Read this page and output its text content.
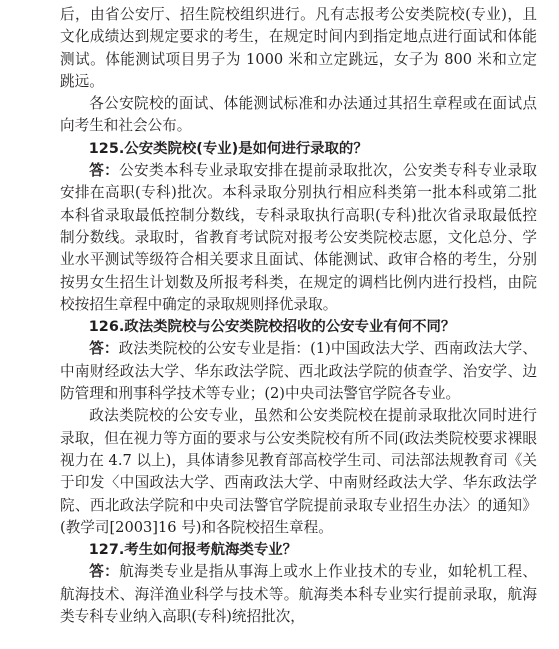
后，由省公安厅、招生院校组织进行。凡有志报考公安类院校(专业)，且文化成绩达到规定要求的考生，在规定时间内到指定地点进行面试和体能测试。体能测试项目男子为 1000 米和立定跳远，女子为 800 米和立定跳远。

各公安院校的面试、体能测试标准和办法通过其招生章程或在面试点向考生和社会公布。

125.公安类院校(专业)是如何进行录取的？

答：公安类本科专业录取安排在提前录取批次，公安类专科专业录取安排在高职(专科)批次。本科录取分别执行相应科类第一批本科或第二批本科省录取最低控制分数线，专科录取执行高职(专科)批次省录取最低控制分数线。录取时，省教育考试院对报考公安类院校志愿，文化总分、学业水平测试等级符合相关要求且面试、体能测试、政审合格的考生，分别按男女生招生计划数及所报考科类，在规定的调档比例内进行投档，由院校按招生章程中确定的录取规则择优录取。

126.政法类院校与公安类院校招收的公安专业有何不同？

答：政法类院校的公安专业是指：(1)中国政法大学、西南政法大学、中南财经政法大学、华东政法学院、西北政法学院的侦查学、治安学、边防管理和刑事科学技术等专业；(2)中央司法警官学院各专业。

政法类院校的公安专业，虽然和公安类院校在提前录取批次同时进行录取，但在视力等方面的要求与公安类院校有所不同(政法类院校要求裸眼视力在 4.7 以上)，具体请参见教育部高校学生司、司法部法规教育司《关于印发〈中国政法大学、西南政法大学、中南财经政法大学、华东政法学院、西北政法学院和中央司法警官学院提前录取专业招生办法〉的通知》(教学司[2003]16 号)和各院校招生章程。

127.考生如何报考航海类专业？

答：航海类专业是指从事海上或水上作业技术的专业，如轮机工程、航海技术、海洋渔业科学与技术等。航海类本科专业实行提前录取，航海类专科专业纳入高职(专科)统招批次，
